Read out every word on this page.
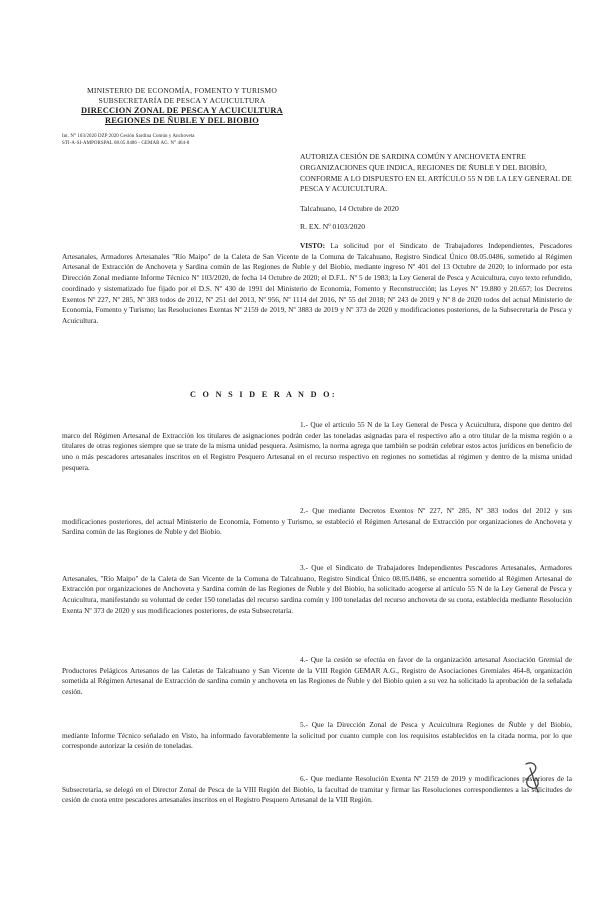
MINISTERIO DE ECONOMÍA, FOMENTO Y TURISMO
SUBSECRETARÍA DE PESCA Y ACUICULTURA
DIRECCION ZONAL DE PESCA Y ACUICULTURA
REGIONES DE ÑUBLE Y DEL BIOBIO
Int. N° 103/2020 DZP 2020 Cesión Sardina Común y Anchoveta
STI-A-SI-AMPORSPAL 08.05.0486 - GEMAR AG. N° 464-8
AUTORIZA CESIÓN DE SARDINA COMÚN Y ANCHOVETA ENTRE ORGANIZACIONES QUE INDICA, REGIONES DE ÑUBLE Y DEL BIOBÍO, CONFORME A LO DISPUESTO EN EL ARTÍCULO 55 N DE LA LEY GENERAL DE PESCA Y ACUICULTURA.
Talcahuano, 14 Octubre de 2020
R. EX. Nº 0103/2020
VISTO: La solicitud por el Sindicato de Trabajadores Independientes, Pescadores Artesanales, Armadores Artesanales "Río Maipo" de la Caleta de San Vicente de la Comuna de Talcahuano, Registro Sindical Único 08.05.0486, sometido al Régimen Artesanal de Extracción de Anchoveta y Sardina común de las Regiones de Ñuble y del Biobío, mediante ingreso Nº 401 del 13 Octubre de 2020; lo informado por esta Dirección Zonal mediante Informe Técnico Nº 103/2020, de fecha 14 Octubre de 2020; el D.F.L. Nº 5 de 1983; la Ley General de Pesca y Acuicultura, cuyo texto refundido, coordinado y sistematizado fue fijado por el D.S. Nº 430 de 1991 del Ministerio de Economía, Fomento y Reconstrucción; las Leyes Nº 19.880 y 20.657; los Decretos Exentos Nº 227, Nº 285, Nº 383 todos de 2012, Nº 251 del 2013, Nº 956, Nº 1114 del 2016, Nº 55 del 2018; Nº 243 de 2019 y Nº 8 de 2020 todos del actual Ministerio de Economía, Fomento y Turismo; las Resoluciones Exentas Nº 2159 de 2019, Nº 3883 de 2019 y Nº 373 de 2020 y modificaciones posteriores, de la Subsecretaría de Pesca y Acuicultura.
C O N S I D E R A N D O:
1.- Que el artículo 55 N de la Ley General de Pesca y Acuicultura, dispone que dentro del marco del Régimen Artesanal de Extracción los titulares de asignaciones podrán ceder las toneladas asignadas para el respectivo año a otro titular de la misma región o a titulares de otras regiones siempre que se trate de la misma unidad pesquera. Asimismo, la norma agrega que también se podrán celebrar estos actos jurídicos en beneficio de uno o más pescadores artesanales inscritos en el Registro Pesquero Artesanal en el recurso respectivo en regiones no sometidas al régimen y dentro de la misma unidad pesquera.
2.- Que mediante Decretos Exentos Nº 227, Nº 285, Nº 383 todos del 2012 y sus modificaciones posteriores, del actual Ministerio de Economía, Fomento y Turismo, se estableció el Régimen Artesanal de Extracción por organizaciones de Anchoveta y Sardina común de las Regiones de Ñuble y del Biobío.
3.- Que el Sindicato de Trabajadores Independientes Pescadores Artesanales, Armadores Artesanales, "Río Maipo" de la Caleta de San Vicente de la Comuna de Talcahuano, Registro Sindical Único 08.05.0486, se encuentra sometido al Régimen Artesanal de Extracción por organizaciones de Anchoveta y Sardina común de las Regiones de Ñuble y del Biobío, ha solicitado acogerse al artículo 55 N de la Ley General de Pesca y Acuicultura, manifestando su voluntad de ceder 150 toneladas del recurso sardina común y 100 toneladas del recurso anchoveta de su cuota, establecida mediante Resolución Exenta Nº 373 de 2020 y sus modificaciones posteriores, de esta Subsecretaría.
4.- Que la cesión se efectúa en favor de la organización artesanal Asociación Gremial de Productores Pelágicos Artesanos de las Caletas de Talcahuano y San Vicente de la VIII Región GEMAR A.G., Registro de Asociaciones Gremiales 464-8, organización sometida al Régimen Artesanal de Extracción de sardina común y anchoveta en las Regiones de Ñuble y del Biobío quien a su vez ha solicitado la aprobación de la señalada cesión.
5.- Que la Dirección Zonal de Pesca y Acuicultura Regiones de Ñuble y del Biobío, mediante Informe Técnico señalado en Visto, ha informado favorablemente la solicitud por cuanto cumple con los requisitos establecidos en la citada norma, por lo que corresponde autorizar la cesión de toneladas.
6.- Que mediante Resolución Exenta Nº 2159 de 2019 y modificaciones posteriores de la Subsecretaría, se delegó en el Director Zonal de Pesca de la VIII Región del Biobío, la facultad de tramitar y firmar las Resoluciones correspondientes a las solicitudes de cesión de cuota entre pescadores artesanales inscritos en el Registro Pesquero Artesanal de la VIII Región.
